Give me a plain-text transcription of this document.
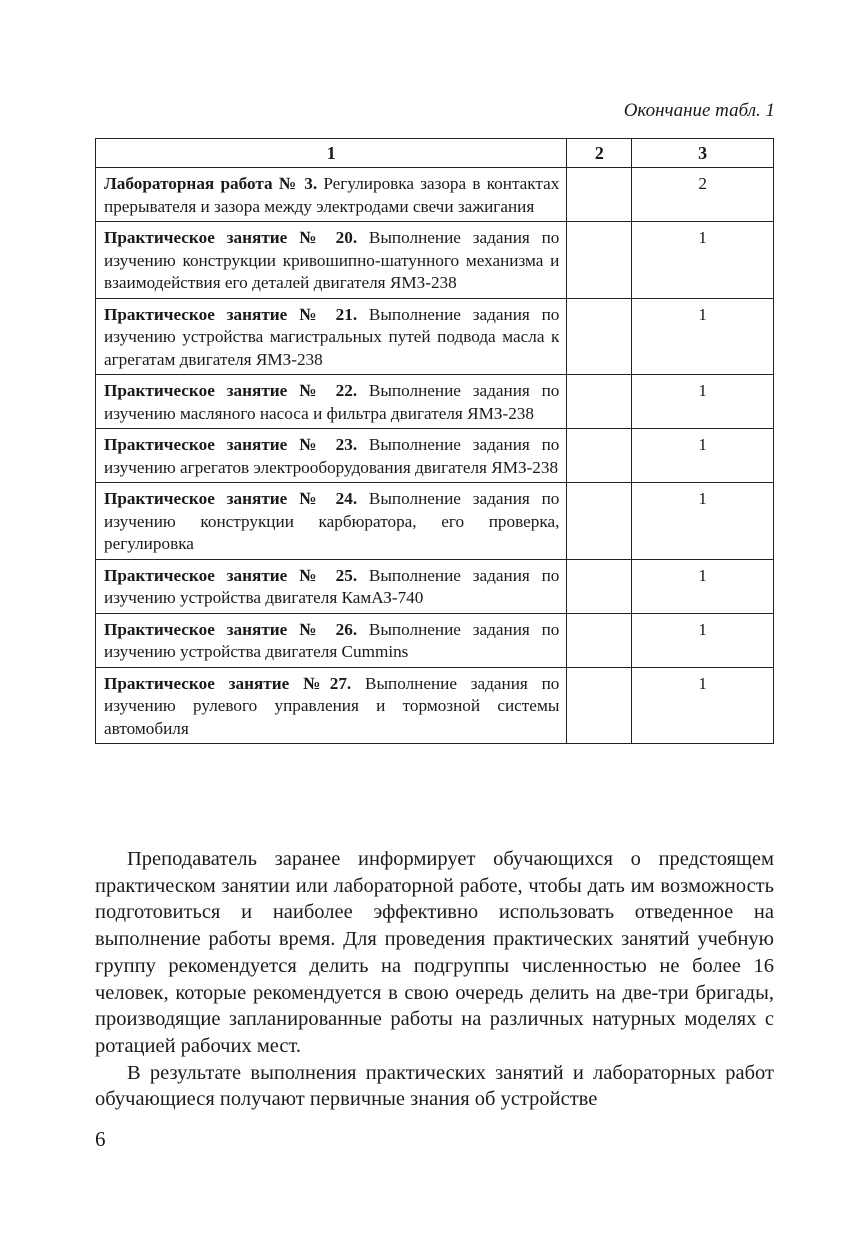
Окончание табл. 1
1	2	3
Лабораторная работа № 3. Регулировка зазора в контактах прерывателя и зазора между электродами свечи зажигания		2
Практическое занятие № 20. Выполнение задания по изучению конструкции кривошипно-шатунного механизма и взаимодействия его деталей двигателя ЯМЗ-238		1
Практическое занятие № 21. Выполнение задания по изучению устройства магистральных путей подвода масла к агрегатам двигателя ЯМЗ-238		1
Практическое занятие № 22. Выполнение задания по изучению масляного насоса и фильтра двигателя ЯМЗ-238		1
Практическое занятие № 23. Выполнение задания по изучению агрегатов электрооборудования двигателя ЯМЗ-238		1
Практическое занятие № 24. Выполнение задания по изучению конструкции карбюратора, его проверка, регулировка		1
Практическое занятие № 25. Выполнение задания по изучению устройства двигателя КамАЗ-740		1
Практическое занятие № 26. Выполнение задания по изучению устройства двигателя Cummins		1
Практическое занятие №27. Выполнение задания по изучению рулевого управления и тормозной системы автомобиля		1

Преподаватель заранее информирует обучающихся о предстоящем практическом занятии или лабораторной работе, чтобы дать им возможность подготовиться и наиболее эффективно использовать отведенное на выполнение работы время. Для проведения практических занятий учебную группу рекомендуется делить на подгруппы численностью не более 16 человек, которые рекомендуется в свою очередь делить на две-три бригады, производящие запланированные работы на различных натурных моделях с ротацией рабочих мест.

В результате выполнения практических занятий и лабораторных работ обучающиеся получают первичные знания об устройстве

6
